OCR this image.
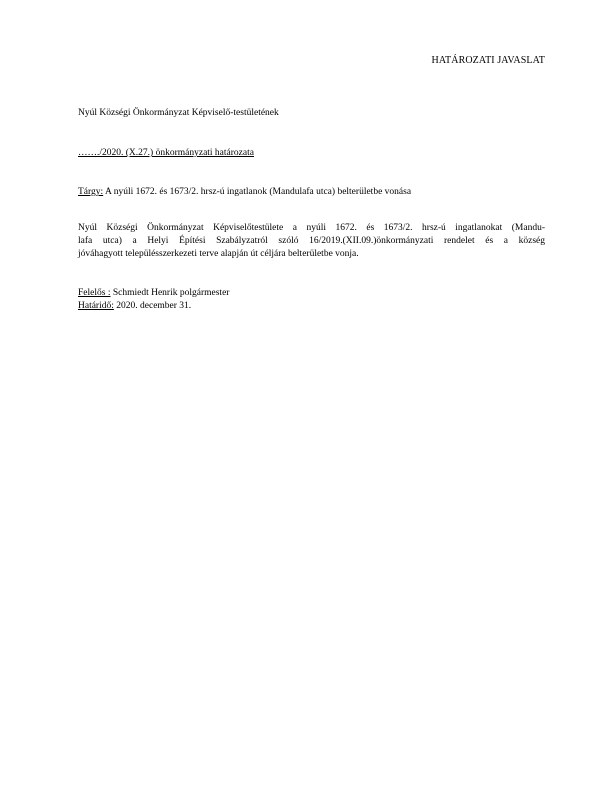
HATÁROZATI JAVASLAT
Nyúl Községi Önkormányzat Képviselő-testületének
……./2020. (X.27.) önkormányzati határozata
Tárgy: A nyúli 1672. és 1673/2. hrsz-ú ingatlanok (Mandulafa utca) belterületbe vonása
Nyúl Községi Önkormányzat Képviselőtestülete a nyúli 1672. és 1673/2. hrsz-ú ingatlanokat (Mandu-
lafa utca) a Helyi Építési Szabályzatról szóló 16/2019.(XII.09.)önkormányzati rendelet és a község
jóváhagyott településszerkezeti terve alapján út céljára belterületbe vonja.
Felelős : Schmiedt Henrik polgármester
Határidő: 2020. december 31.
